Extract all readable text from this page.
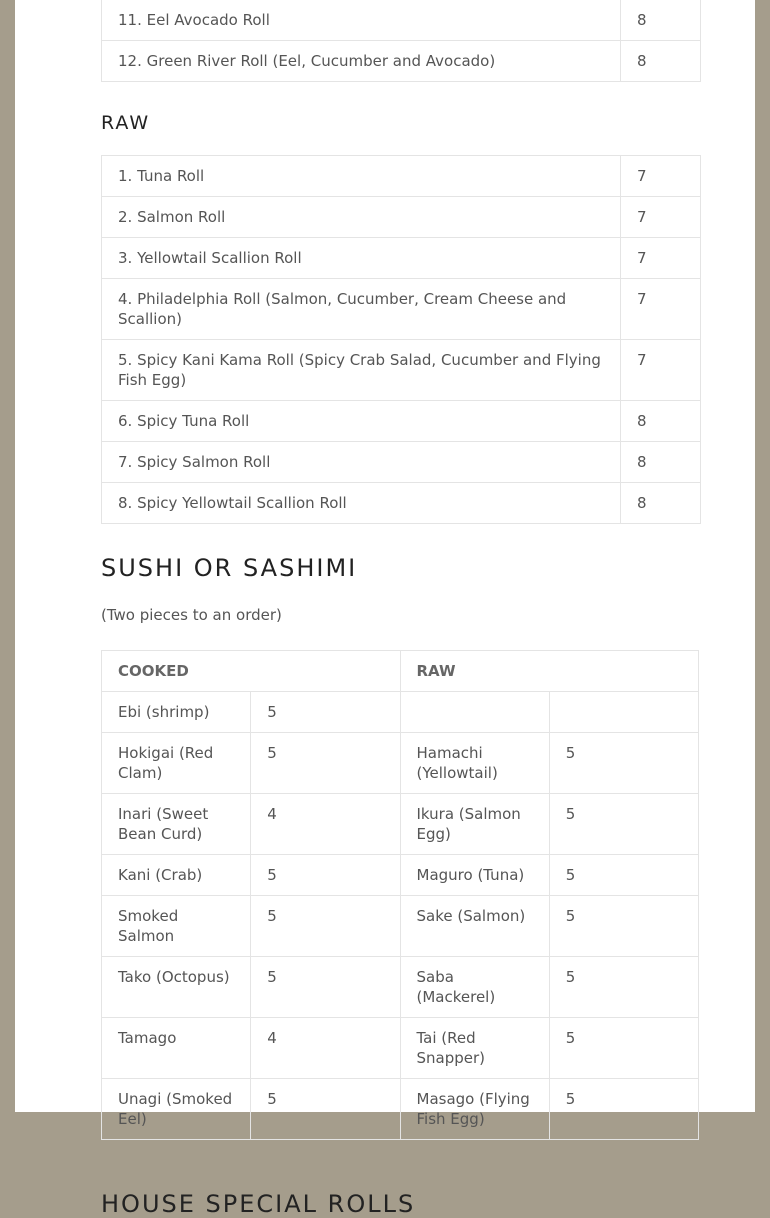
11. Eel Avocado Roll	8
12. Green River Roll (Eel, Cucumber and Avocado)	8
RAW
1. Tuna Roll	7
2. Salmon Roll	7
3. Yellowtail Scallion Roll	7
4. Philadelphia Roll (Salmon, Cucumber, Cream Cheese and Scallion)	7
5. Spicy Kani Kama Roll (Spicy Crab Salad, Cucumber and Flying Fish Egg)	7
6. Spicy Tuna Roll	8
7. Spicy Salmon Roll	8
8. Spicy Yellowtail Scallion Roll	8
SUSHI OR SASHIMI

(Two pieces to an order)

COOKED		RAW	
Ebi (shrimp)	5		
Hokigai (Red Clam)	5	Hamachi (Yellowtail)	5
Inari (Sweet Bean Curd)	4	Ikura (Salmon Egg)	5
Kani (Crab)	5	Maguro (Tuna)	5
Smoked Salmon	5	Sake (Salmon)	5
Tako (Octopus)	5	Saba (Mackerel)	5
Tamago	4	Tai (Red Snapper)	5
Unagi (Smoked Eel)	5	Masago (Flying Fish Egg)	5
HOUSE SPECIAL ROLLS
